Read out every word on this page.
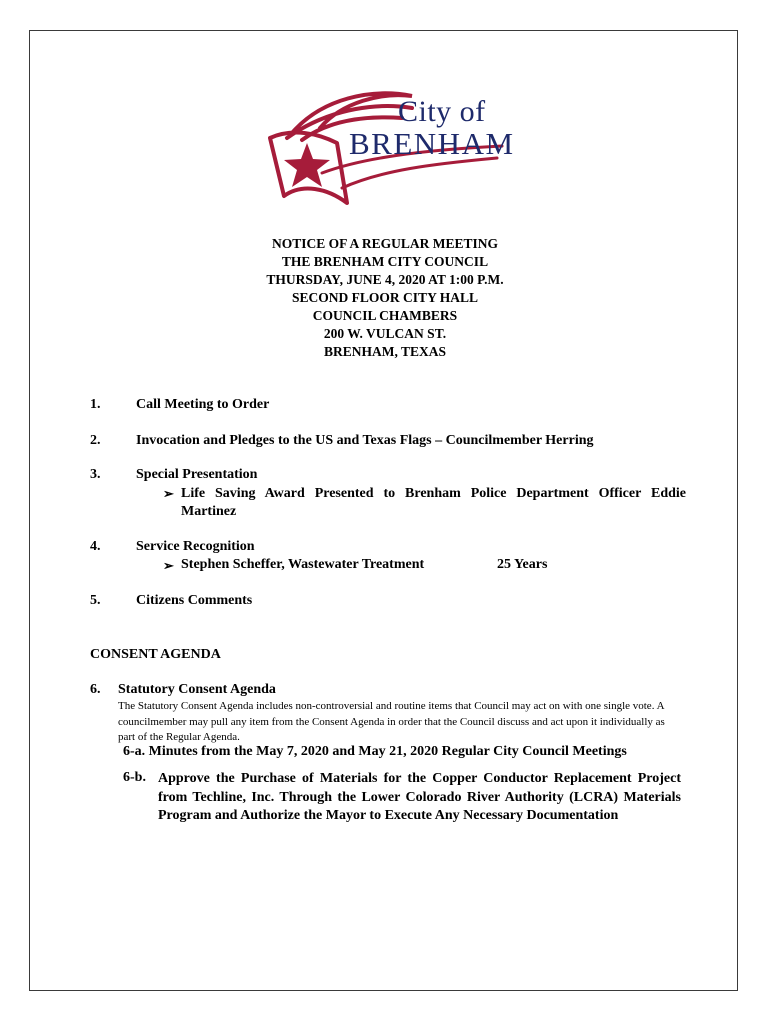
City of
BRENHAM
NOTICE OF A REGULAR MEETING
THE BRENHAM CITY COUNCIL
THURSDAY, JUNE 4, 2020 AT 1:00 P.M.
SECOND FLOOR CITY HALL
COUNCIL CHAMBERS
200 W. VULCAN ST.
BRENHAM, TEXAS
1.	Call Meeting to Order
2.	Invocation and Pledges to the US and Texas Flags – Councilmember Herring
3.	Special Presentation
➢ Life Saving Award Presented to Brenham Police Department Officer Eddie Martinez
4.	Service Recognition
➢ Stephen Scheffer, Wastewater Treatment	25 Years
5.	Citizens Comments
CONSENT AGENDA
6. Statutory Consent Agenda
The Statutory Consent Agenda includes non-controversial and routine items that Council may act on with one single vote. A councilmember may pull any item from the Consent Agenda in order that the Council discuss and act upon it individually as part of the Regular Agenda.
6-a. Minutes from the May 7, 2020 and May 21, 2020 Regular City Council Meetings
6-b. Approve the Purchase of Materials for the Copper Conductor Replacement Project from Techline, Inc. Through the Lower Colorado River Authority (LCRA) Materials Program and Authorize the Mayor to Execute Any Necessary Documentation
